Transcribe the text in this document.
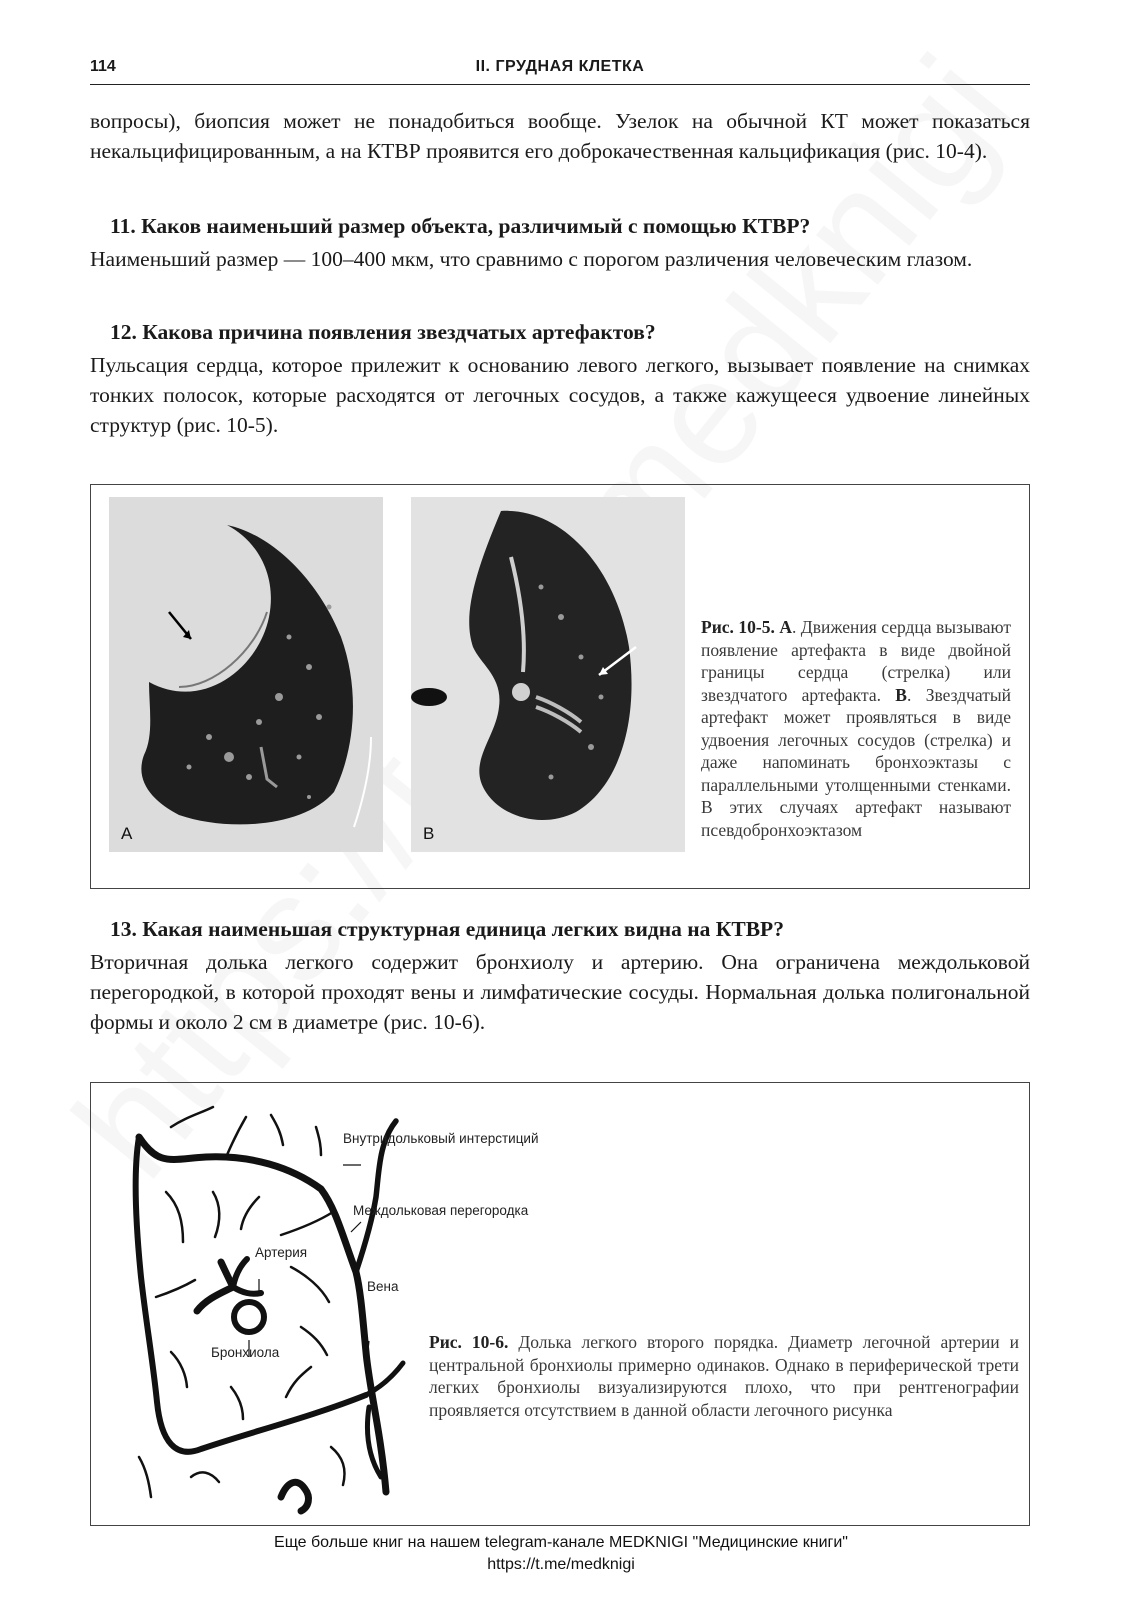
114	II. ГРУДНАЯ КЛЕТКА

вопросы), биопсия может не понадобиться вообще. Узелок на обычной КТ может показаться некальцифицированным, а на КТВР проявится его доброкачественная кальцификация (рис. 10-4).

11. Каков наименьший размер объекта, различимый с помощью КТВР?

Наименьший размер — 100–400 мкм, что сравнимо с порогом различения человеческим глазом.

12. Какова причина появления звездчатых артефактов?

Пульсация сердца, которое прилежит к основанию левого легкого, вызывает появление на снимках тонких полосок, которые расходятся от легочных сосудов, а также кажущееся удвоение линейных структур (рис. 10-5).

A	B

Рис. 10-5. А. Движения сердца вызывают появление артефакта в виде двойной границы сердца (стрелка) или звездчатого артефакта. В. Звездчатый артефакт может проявляться в виде удвоения легочных сосудов (стрелка) и даже напоминать бронхоэктазы с параллельными утолщенными стенками. В этих случаях артефакт называют псевдобронхоэктазом

13. Какая наименьшая структурная единица легких видна на КТВР?

Вторичная долька легкого содержит бронхиолу и артерию. Она ограничена междольковой перегородкой, в которой проходят вены и лимфатические сосуды. Нормальная долька полигональной формы и около 2 см в диаметре (рис. 10-6).

Внутридольковый интерстиций
Междольковая перегородка
Артерия
Вена
Бронхиола

Рис. 10-6. Долька легкого второго порядка. Диаметр легочной артерии и центральной бронхиолы примерно одинаков. Однако в периферической трети легких бронхиолы визуализируются плохо, что при рентгенографии проявляется отсутствием в данной области легочного рисунка

Еще больше книг на нашем telegram-канале MEDKNIGI "Медицинские книги"
https://t.me/medknigi
